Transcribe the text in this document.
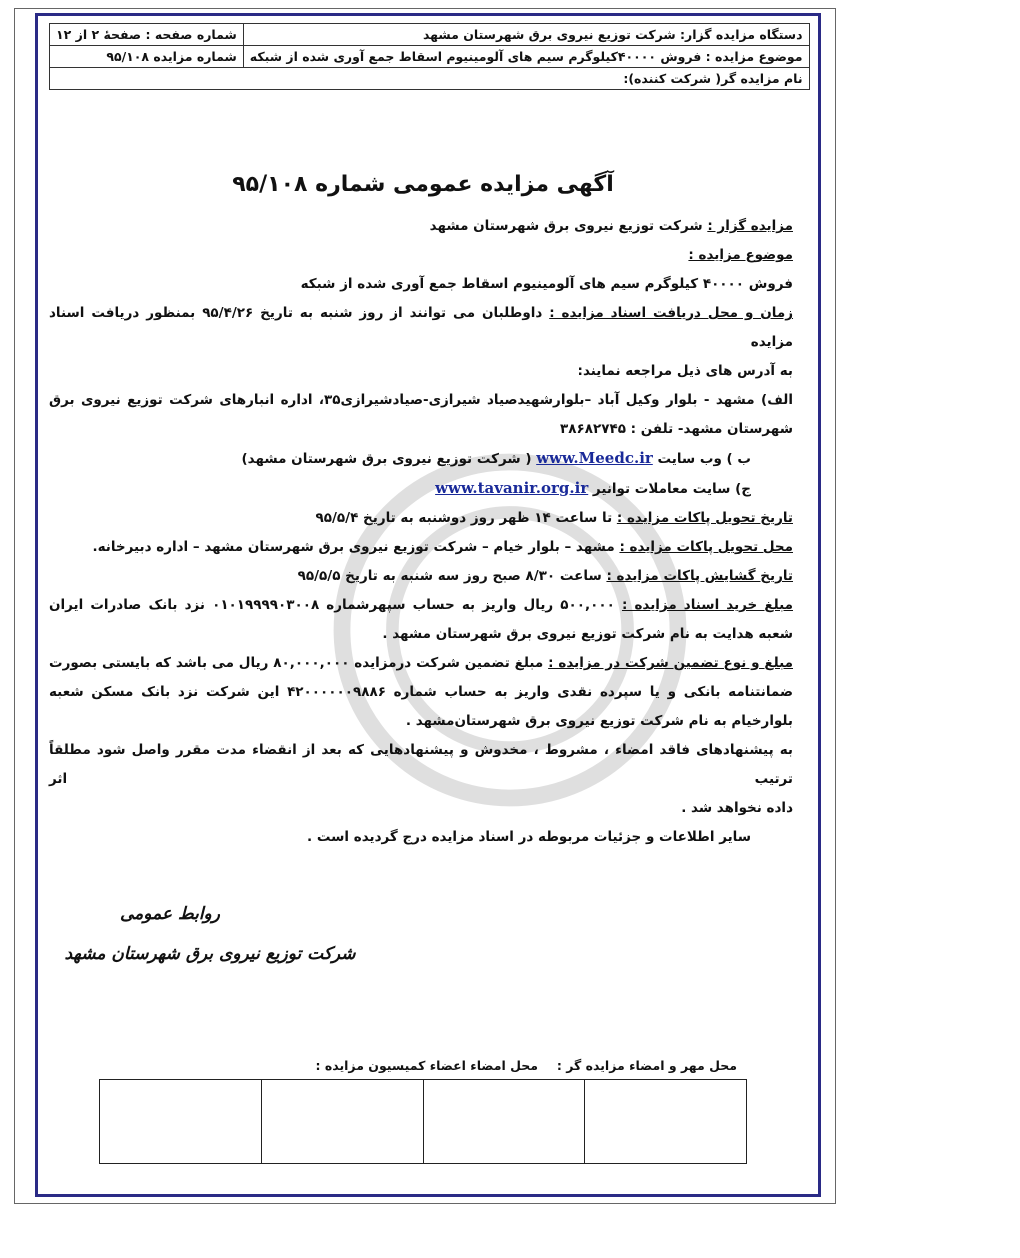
دستگاه مزایده گزار: شرکت توزیع نیروی برق شهرستان مشهد	شماره صفحه : صفحهٔ ۲ از ۱۲
موضوع مزایده : فروش ۴۰۰۰۰کیلوگرم سیم های آلومینیوم اسقاط جمع آوری شده از شبکه	شماره مزایده ۹۵/۱۰۸
نام مزایده گر( شرکت کننده):	
آگهی مزایده عمومی شماره ۹۵/۱۰۸

مزایده گزار : شرکت توزیع نیروی برق شهرستان مشهد

موضوع مزایده :

فروش ۴۰۰۰۰ کیلوگرم سیم های آلومینیوم اسقاط جمع آوری شده از شبکه

زمان و محل دریافت اسناد مزایده : داوطلبان می توانند از روز شنبه به تاریخ ۹۵/۴/۲۶ بمنظور دریافت اسناد مزایده

به آدرس های ذیل مراجعه نمایند:

الف) مشهد - بلوار وکیل آباد –بلوارشهیدصیاد شیرازی-صیادشیرازی۳۵، اداره انبارهای شرکت توزیع نیروی برق

شهرستان مشهد- تلفن : ۳۸۶۸۲۷۴۵

ب ) وب سایت www.Meedc.ir ( شرکت توزیع نیروی برق شهرستان مشهد)

ج) سایت معاملات توانیر www.tavanir.org.ir

تاریخ تحویل پاکات مزایده : تا ساعت ۱۴ ظهر روز دوشنبه به تاریخ ۹۵/۵/۴

محل تحویل پاکات مزایده : مشهد – بلوار خیام – شرکت توزیع نیروی برق شهرستان مشهد – اداره دبیرخانه.

تاریخ گشایش پاکات مزایده : ساعت ۸/۳۰ صبح روز سه شنبه به تاریخ ۹۵/۵/۵

مبلغ خرید اسناد مزایده : ۵۰۰,۰۰۰ ریال واریز به حساب سپهرشماره ۰۱۰۱۹۹۹۹۰۳۰۰۸ نزد بانک صادرات ایران

شعبه هدایت به نام شرکت توزیع نیروی برق شهرستان مشهد .

مبلغ و نوع تضمین شرکت در مزایده : مبلغ تضمین شرکت درمزایده ۸۰,۰۰۰,۰۰۰ ریال می باشد که بایستی بصورت

ضمانتنامه بانکی و یا سپرده نقدی واریز به حساب شماره ۴۲۰۰۰۰۰۰۹۸۸۶ این شرکت نزد بانک مسکن شعبه

بلوارخیام به نام شرکت توزیع نیروی برق شهرستان‌مشهد .

به پیشنهادهای فاقد امضاء ، مشروط ، مخدوش و پیشنهادهایی که بعد از انقضاء مدت مقرر واصل شود مطلقاً ترتیب اثر

داده نخواهد شد .

سایر اطلاعات و جزئیات مربوطه در اسناد مزایده درج گردیده است .

روابط عمومی
شرکت توزیع نیروی برق شهرستان مشهد
محل مهر و امضاء مزایده گر :
محل امضاء اعضاء کمیسیون مزایده :
